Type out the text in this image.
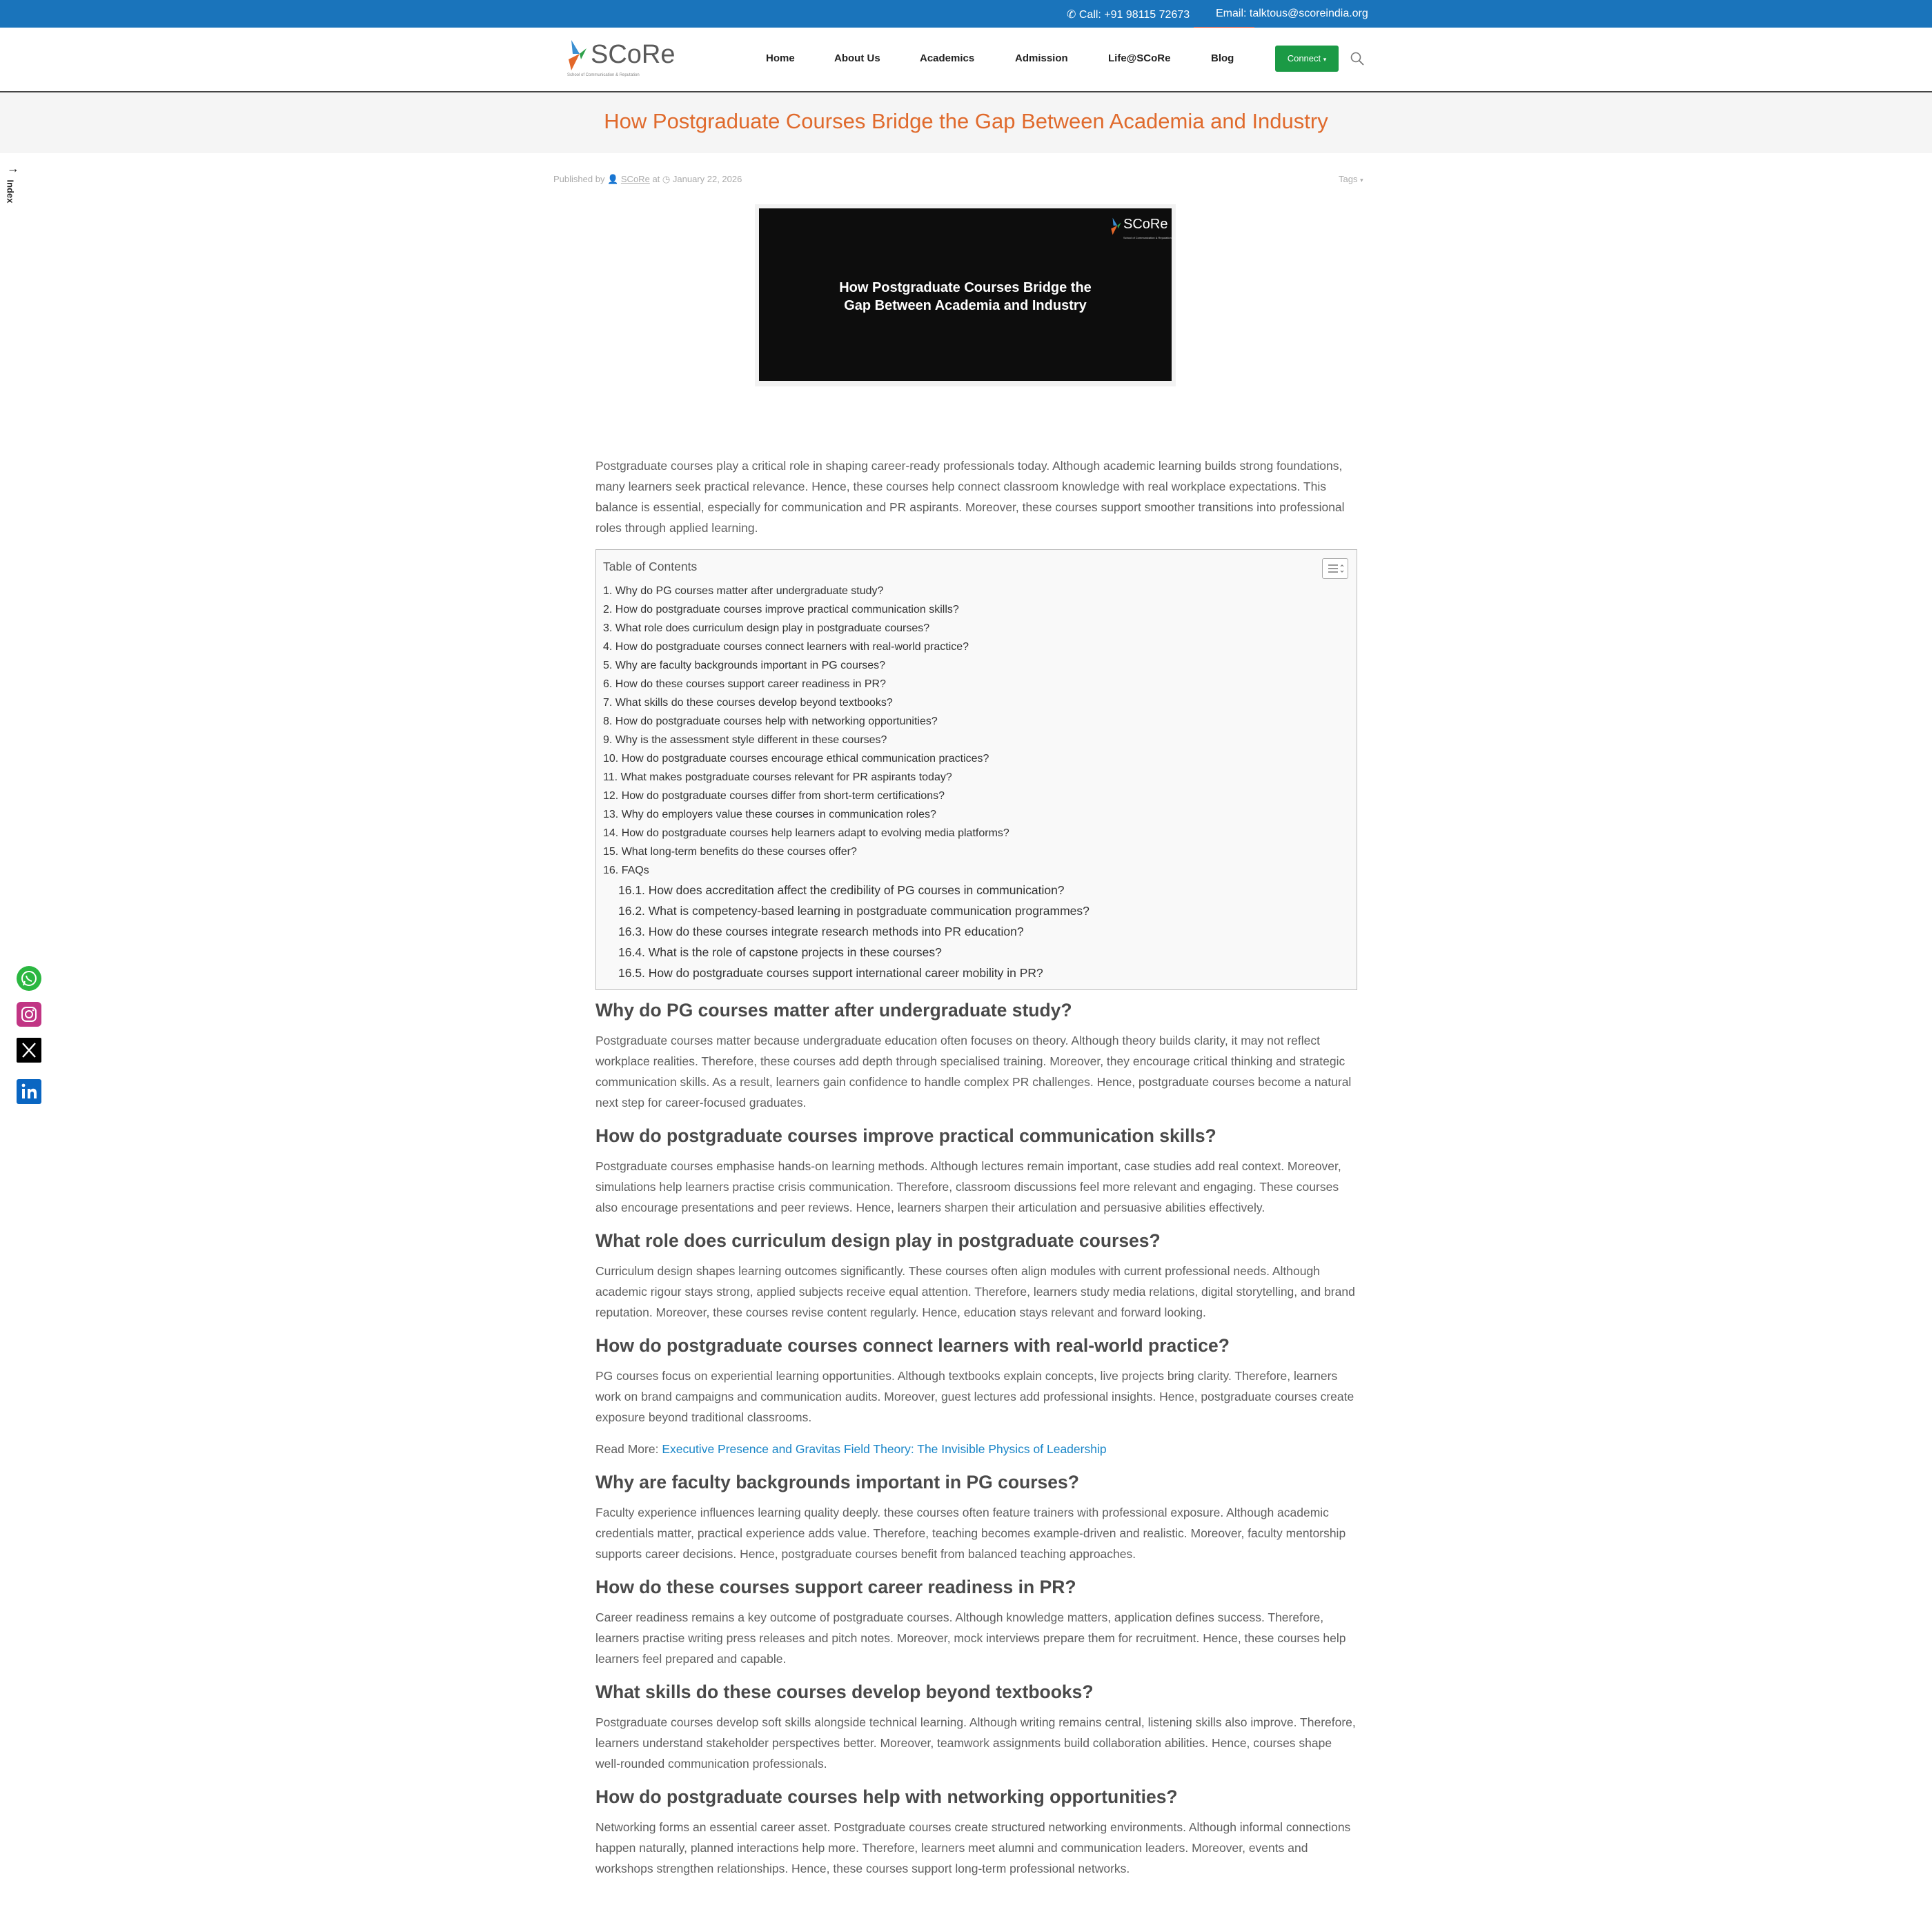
✆ Call: +91 98115 72673 Email: talktous@scoreindia.org
SCoRe
School of Communication & Reputation
Home	About Us	Academics	Admission	Life@SCoRe	Blog	Connect ▾
How Postgraduate Courses Bridge the Gap Between Academia and Industry
→
Index
Published by 👤 SCoRe at ◷ January 22, 2026	Tags ▾
SCoRe
School of Communication & Reputation
How Postgraduate Courses Bridge the
Gap Between Academia and Industry

Postgraduate courses play a critical role in shaping career-ready professionals today. Although academic learning builds strong foundations, many learners seek practical relevance. Hence, these courses help connect classroom knowledge with real workplace expectations. This balance is essential, especially for communication and PR aspirants. Moreover, these courses support smoother transitions into professional roles through applied learning.

Table of Contents
1. Why do PG courses matter after undergraduate study?
2. How do postgraduate courses improve practical communication skills?
3. What role does curriculum design play in postgraduate courses?
4. How do postgraduate courses connect learners with real-world practice?
5. Why are faculty backgrounds important in PG courses?
6. How do these courses support career readiness in PR?
7. What skills do these courses develop beyond textbooks?
8. How do postgraduate courses help with networking opportunities?
9. Why is the assessment style different in these courses?
10. How do postgraduate courses encourage ethical communication practices?
11. What makes postgraduate courses relevant for PR aspirants today?
12. How do postgraduate courses differ from short-term certifications?
13. Why do employers value these courses in communication roles?
14. How do postgraduate courses help learners adapt to evolving media platforms?
15. What long-term benefits do these courses offer?
16. FAQs
16.1. How does accreditation affect the credibility of PG courses in communication?
16.2. What is competency-based learning in postgraduate communication programmes?
16.3. How do these courses integrate research methods into PR education?
16.4. What is the role of capstone projects in these courses?
16.5. How do postgraduate courses support international career mobility in PR?
Why do PG courses matter after undergraduate study?

Postgraduate courses matter because undergraduate education often focuses on theory. Although theory builds clarity, it may not reflect workplace realities. Therefore, these courses add depth through specialised training. Moreover, they encourage critical thinking and strategic communication skills. As a result, learners gain confidence to handle complex PR challenges. Hence, postgraduate courses become a natural next step for career-focused graduates.

How do postgraduate courses improve practical communication skills?

Postgraduate courses emphasise hands-on learning methods. Although lectures remain important, case studies add real context. Moreover, simulations help learners practise crisis communication. Therefore, classroom discussions feel more relevant and engaging. These courses also encourage presentations and peer reviews. Hence, learners sharpen their articulation and persuasive abilities effectively.

What role does curriculum design play in postgraduate courses?

Curriculum design shapes learning outcomes significantly. These courses often align modules with current professional needs. Although academic rigour stays strong, applied subjects receive equal attention. Therefore, learners study media relations, digital storytelling, and brand reputation. Moreover, these courses revise content regularly. Hence, education stays relevant and forward looking.

How do postgraduate courses connect learners with real-world practice?

PG courses focus on experiential learning opportunities. Although textbooks explain concepts, live projects bring clarity. Therefore, learners work on brand campaigns and communication audits. Moreover, guest lectures add professional insights. Hence, postgraduate courses create exposure beyond traditional classrooms.

Read More: Executive Presence and Gravitas Field Theory: The Invisible Physics of Leadership

Why are faculty backgrounds important in PG courses?

Faculty experience influences learning quality deeply. these courses often feature trainers with professional exposure. Although academic credentials matter, practical experience adds value. Therefore, teaching becomes example-driven and realistic. Moreover, faculty mentorship supports career decisions. Hence, postgraduate courses benefit from balanced teaching approaches.

How do these courses support career readiness in PR?

Career readiness remains a key outcome of postgraduate courses. Although knowledge matters, application defines success. Therefore, learners practise writing press releases and pitch notes. Moreover, mock interviews prepare them for recruitment. Hence, these courses help learners feel prepared and capable.

What skills do these courses develop beyond textbooks?

Postgraduate courses develop soft skills alongside technical learning. Although writing remains central, listening skills also improve. Therefore, learners understand stakeholder perspectives better. Moreover, teamwork assignments build collaboration abilities. Hence, courses shape well-rounded communication professionals.

How do postgraduate courses help with networking opportunities?

Networking forms an essential career asset. Postgraduate courses create structured networking environments. Although informal connections happen naturally, planned interactions help more. Therefore, learners meet alumni and communication leaders. Moreover, events and workshops strengthen relationships. Hence, these courses support long-term professional networks.
